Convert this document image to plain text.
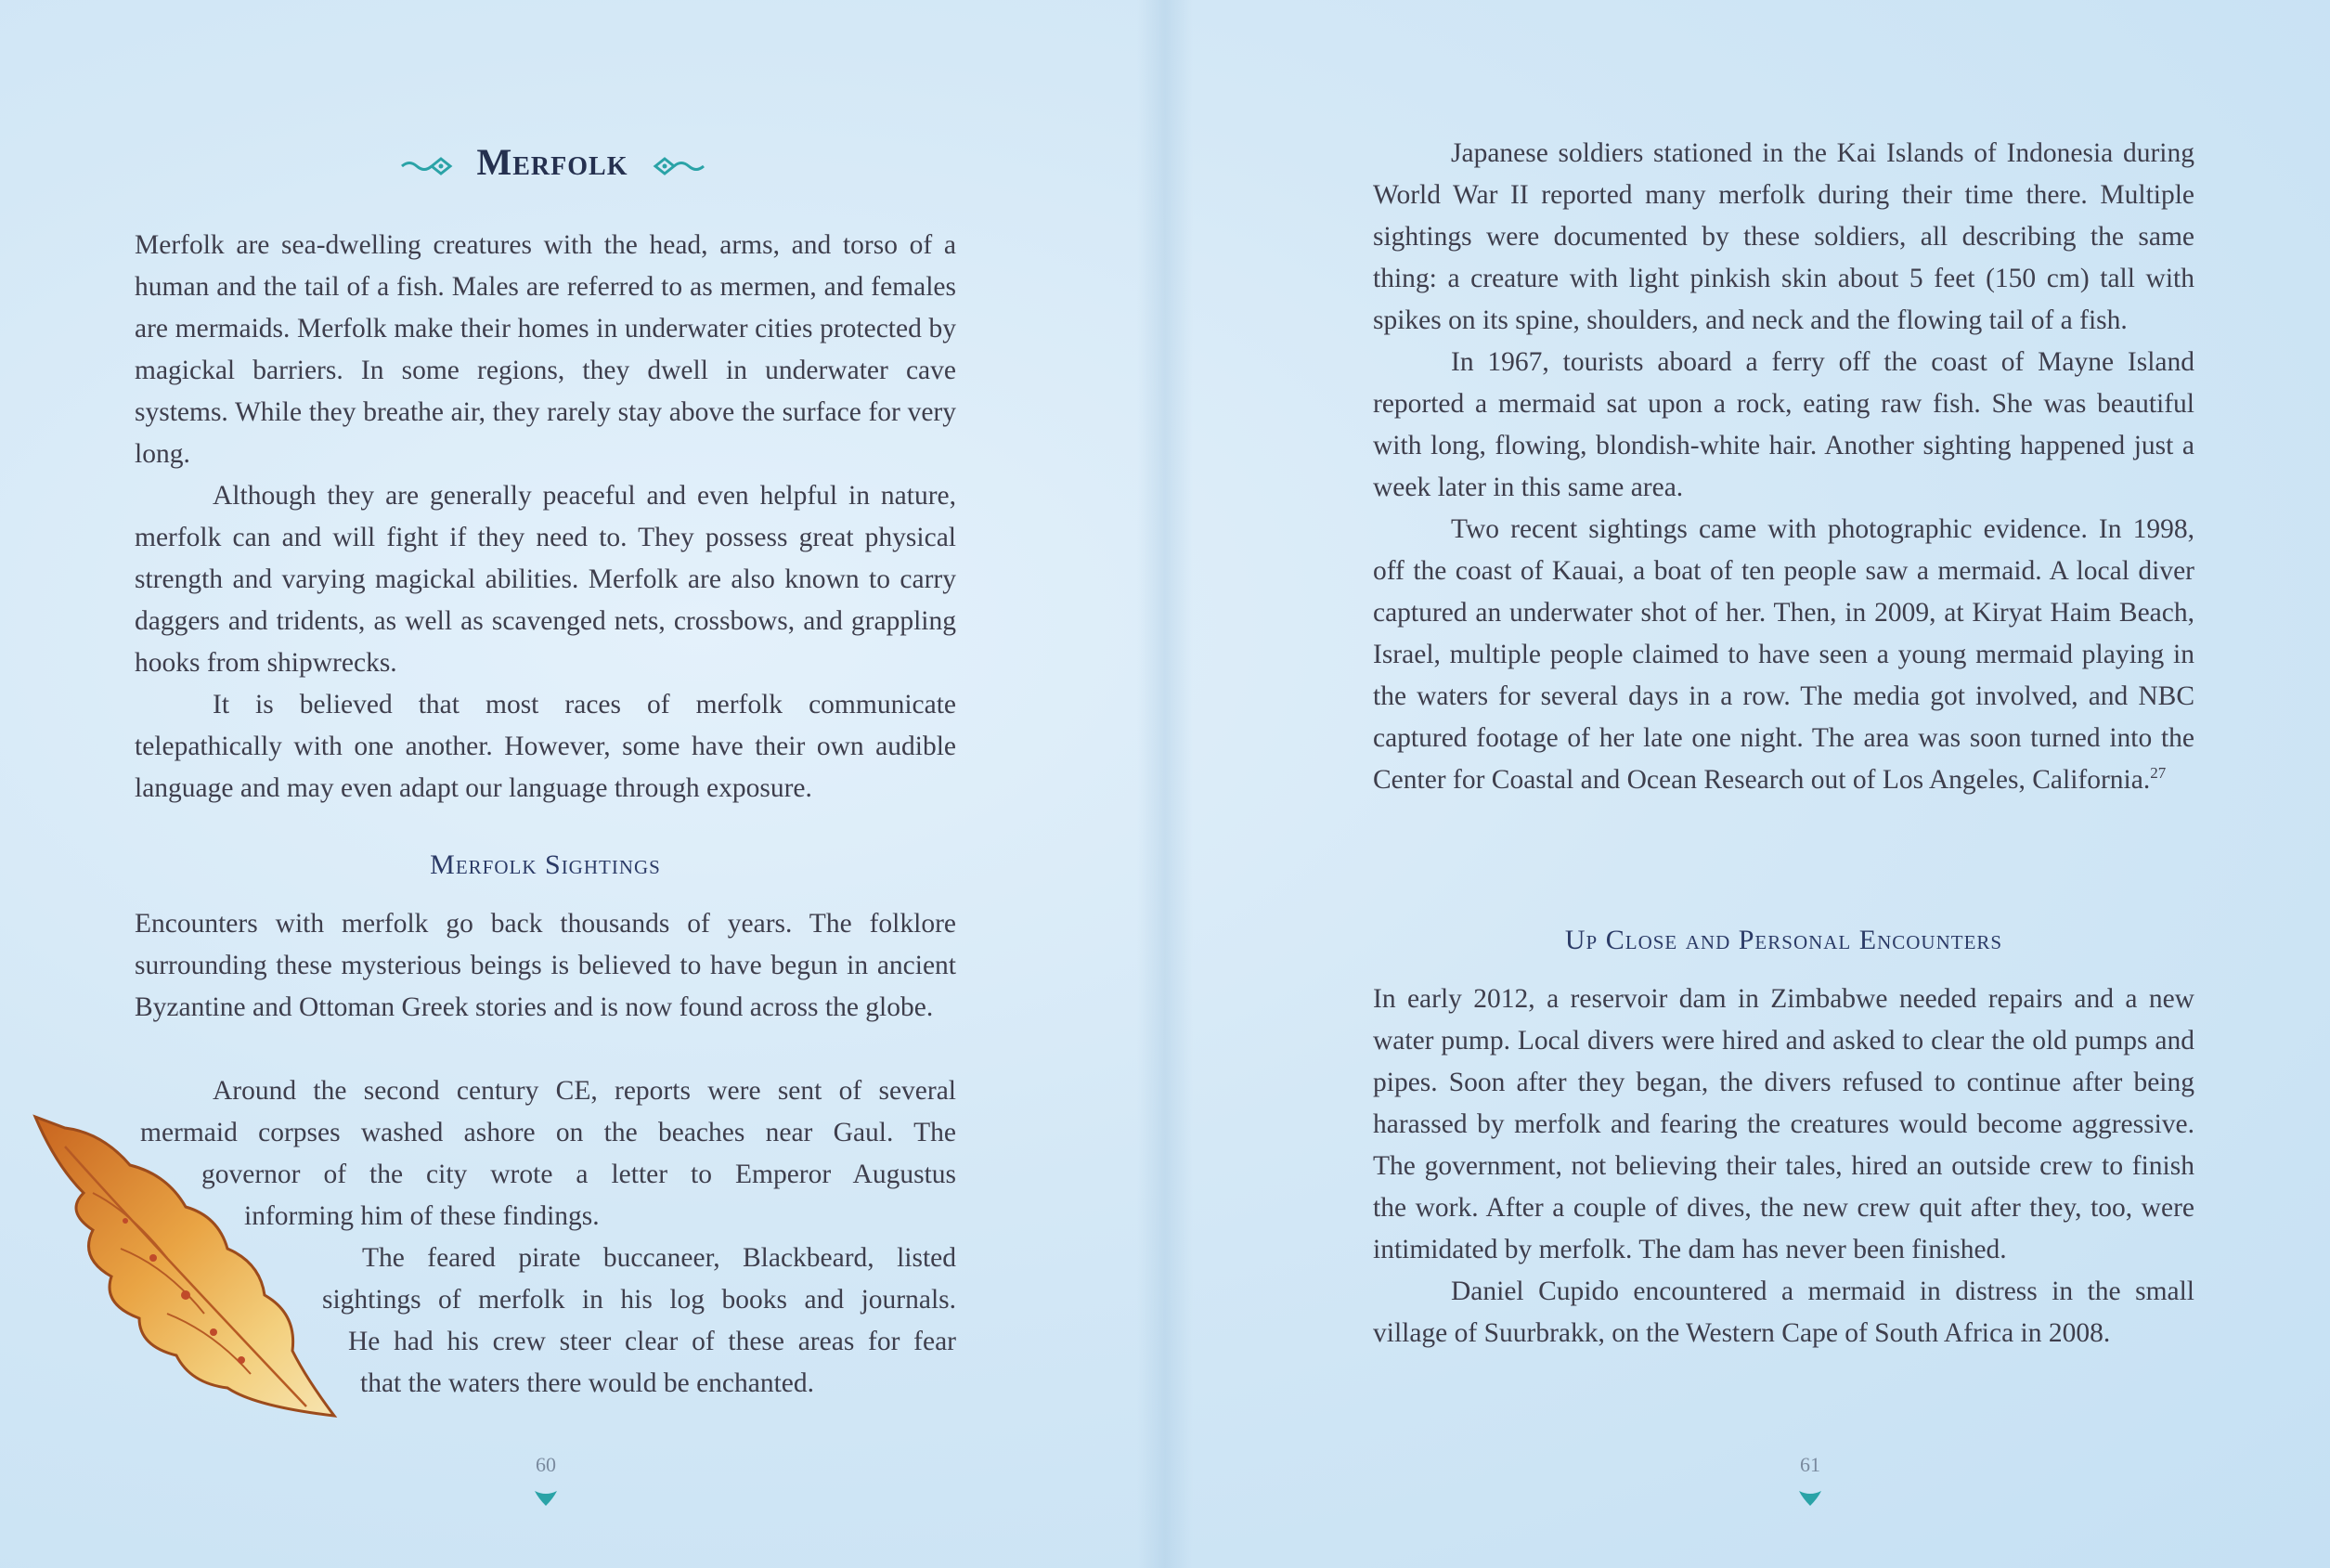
Merfolk

Merfolk are sea-dwelling creatures with the head, arms, and torso of a human and the tail of a fish. Males are referred to as mermen, and females are mermaids. Merfolk make their homes in underwater cities protected by magickal barriers. In some regions, they dwell in underwater cave systems. While they breathe air, they rarely stay above the surface for very long.

Although they are generally peaceful and even helpful in nature, merfolk can and will fight if they need to. They possess great physical strength and varying magickal abilities. Merfolk are also known to carry daggers and tridents, as well as scavenged nets, crossbows, and grappling hooks from shipwrecks.

It is believed that most races of merfolk communicate telepathically with one another. However, some have their own audible language and may even adapt our language through exposure.

Merfolk Sightings

Encounters with merfolk go back thousands of years. The folklore surrounding these mysterious beings is believed to have begun in ancient Byzantine and Ottoman Greek stories and is now found across the globe.

Around the second century CE, reports were sent of several
mermaid corpses washed ashore on the beaches near Gaul. The
governor of the city wrote a letter to Emperor Augustus
informing him of these findings.
The feared pirate buccaneer, Blackbeard, listed
sightings of merfolk in his log books and journals.
He had his crew steer clear of these areas for fear
that the waters there would be enchanted.
60

Japanese soldiers stationed in the Kai Islands of Indonesia during World War II reported many merfolk during their time there. Multiple sightings were documented by these soldiers, all describing the same thing: a creature with light pinkish skin about 5 feet (150 cm) tall with spikes on its spine, shoulders, and neck and the flowing tail of a fish.

In 1967, tourists aboard a ferry off the coast of Mayne Island reported a mermaid sat upon a rock, eating raw fish. She was beautiful with long, flowing, blondish-white hair. Another sighting happened just a week later in this same area.

Two recent sightings came with photographic evidence. In 1998, off the coast of Kauai, a boat of ten people saw a mermaid. A local diver captured an underwater shot of her. Then, in 2009, at Kiryat Haim Beach, Israel, multiple people claimed to have seen a young mermaid playing in the waters for several days in a row. The media got involved, and NBC captured footage of her late one night. The area was soon turned into the Center for Coastal and Ocean Research out of Los Angeles, California.$^{27}$

Up Close and Personal Encounters

In early 2012, a reservoir dam in Zimbabwe needed repairs and a new water pump. Local divers were hired and asked to clear the old pumps and pipes. Soon after they began, the divers refused to continue after being harassed by merfolk and fearing the creatures would become aggressive. The government, not believing their tales, hired an outside crew to finish the work. After a couple of dives, the new crew quit after they, too, were intimidated by merfolk. The dam has never been finished.

Daniel Cupido encountered a mermaid in distress in the small village of Suurbrakk, on the Western Cape of South Africa in 2008.

61
